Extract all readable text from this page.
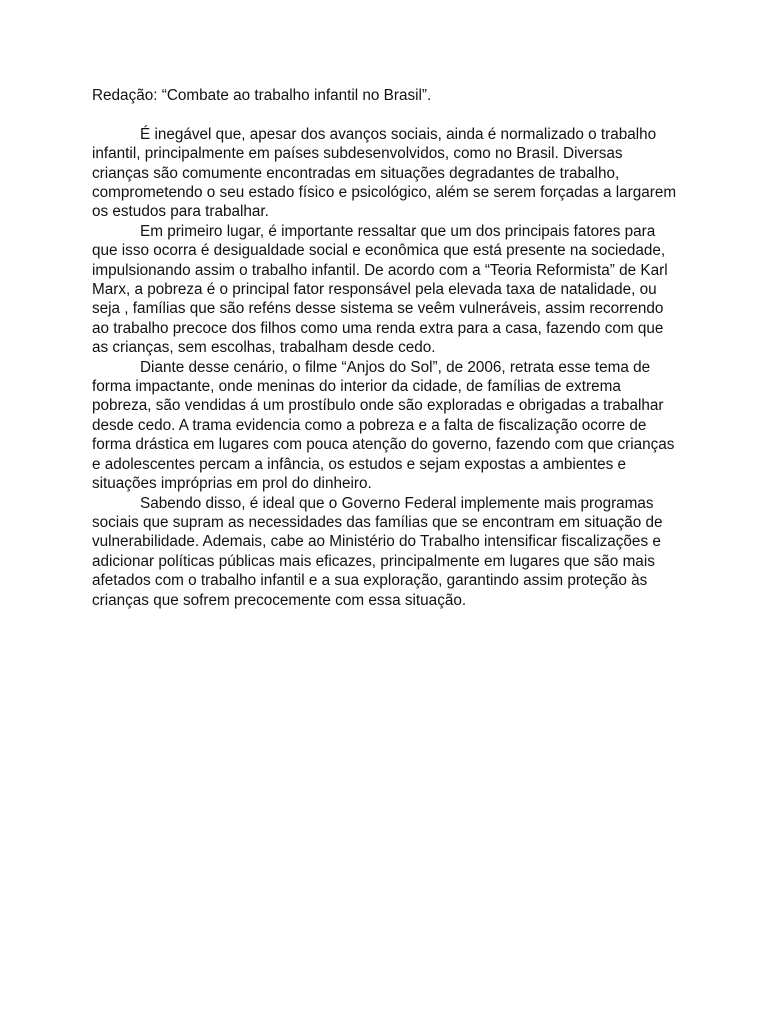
Redação: “Combate ao trabalho infantil no Brasil”.

É inegável que, apesar dos avanços sociais, ainda é normalizado o trabalho infantil, principalmente em países subdesenvolvidos, como no Brasil. Diversas crianças são comumente encontradas em situações degradantes de trabalho, comprometendo o seu estado físico e psicológico, além se serem forçadas a largarem os estudos para trabalhar.

Em primeiro lugar, é importante ressaltar que um dos principais fatores para que isso ocorra é desigualdade social e econômica que está presente na sociedade, impulsionando assim o trabalho infantil. De acordo com a “Teoria Reformista” de Karl Marx, a pobreza é o principal fator responsável pela elevada taxa de natalidade, ou seja , famílias que são reféns desse sistema se veêm vulneráveis, assim recorrendo ao trabalho precoce dos filhos como uma renda extra para a casa, fazendo com que as crianças, sem escolhas, trabalham desde cedo.

Diante desse cenário, o filme “Anjos do Sol”, de 2006, retrata esse tema de forma impactante, onde meninas do interior da cidade, de famílias de extrema pobreza, são vendidas á um prostíbulo onde são exploradas e obrigadas a trabalhar desde cedo. A trama evidencia como a pobreza e a falta de fiscalização ocorre de forma drástica em lugares com pouca atenção do governo, fazendo com que crianças e adolescentes percam a infância, os estudos e sejam expostas a ambientes e situações impróprias em prol do dinheiro.

Sabendo disso, é ideal que o Governo Federal implemente mais programas sociais que supram as necessidades das famílias que se encontram em situação de vulnerabilidade. Ademais, cabe ao Ministério do Trabalho intensificar fiscalizações e adicionar políticas públicas mais eficazes, principalmente em lugares que são mais afetados com o trabalho infantil e a sua exploração, garantindo assim proteção às crianças que sofrem precocemente com essa situação.
